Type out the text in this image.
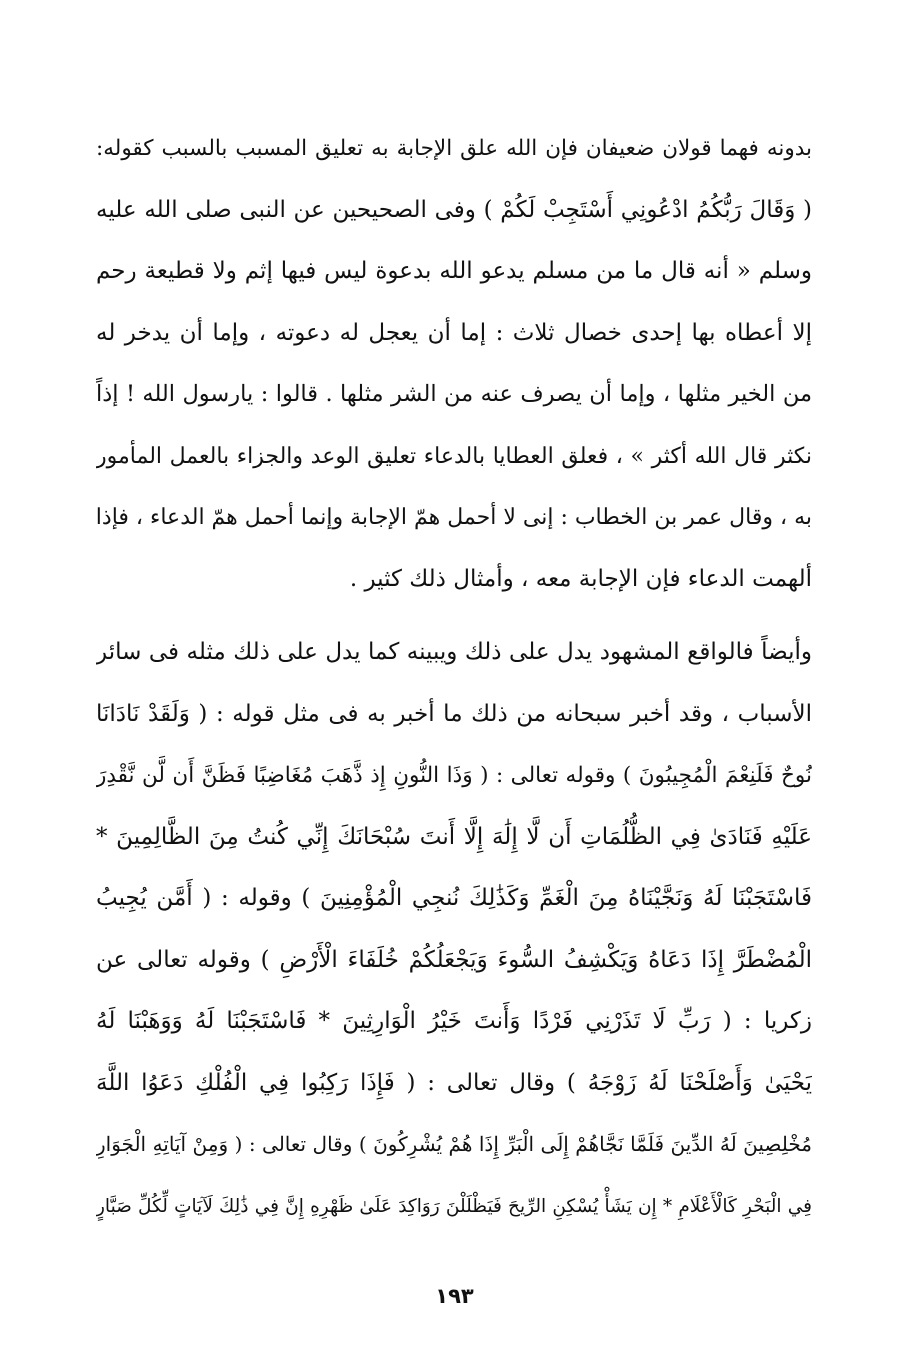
بدونه فهما قولان ضعيفان فإن الله علق الإجابة به تعليق المسبب بالسبب كقوله:
( وَقَالَ رَبُّكُمُ ادْعُونِي أَسْتَجِبْ لَكُمْ ) وفى الصحيحين عن النبى صلى الله عليه
وسلم « أنه قال ما من مسلم يدعو الله بدعوة ليس فيها إثم ولا قطيعة رحم
إلا أعطاه بها إحدى خصال ثلاث : إما أن يعجل له دعوته ، وإما أن يدخر له
من الخير مثلها ، وإما أن يصرف عنه من الشر مثلها . قالوا : يارسول الله ! إذاً
نكثر قال الله أكثر » ، فعلق العطايا بالدعاء تعليق الوعد والجزاء بالعمل المأمور
به ، وقال عمر بن الخطاب : إنى لا أحمل همّ الإجابة وإنما أحمل همّ الدعاء ، فإذا
ألهمت الدعاء فإن الإجابة معه ، وأمثال ذلك كثير .
وأيضاً فالواقع المشهود يدل على ذلك ويبينه كما يدل على ذلك مثله فى سائر
الأسباب ، وقد أخبر سبحانه من ذلك ما أخبر به فى مثل قوله : ( وَلَقَدْ نَادَانَا
نُوحٌ فَلَنِعْمَ الْمُجِيبُونَ ) وقوله تعالى : ( وَذَا النُّونِ إِذ ذَّهَبَ مُغَاضِبًا فَظَنَّ أَن لَّن نَّقْدِرَ
عَلَيْهِ فَنَادَىٰ فِي الظُّلُمَاتِ أَن لَّا إِلَٰهَ إِلَّا أَنتَ سُبْحَانَكَ إِنِّي كُنتُ مِنَ الظَّالِمِينَ *
فَاسْتَجَبْنَا لَهُ وَنَجَّيْنَاهُ مِنَ الْغَمِّ وَكَذَٰلِكَ نُنجِي الْمُؤْمِنِينَ ) وقوله : ( أَمَّن يُجِيبُ
الْمُضْطَرَّ إِذَا دَعَاهُ وَيَكْشِفُ السُّوءَ وَيَجْعَلُكُمْ خُلَفَاءَ الْأَرْضِ ) وقوله تعالى عن
زكريا : ( رَبِّ لَا تَذَرْنِي فَرْدًا وَأَنتَ خَيْرُ الْوَارِثِينَ * فَاسْتَجَبْنَا لَهُ وَوَهَبْنَا لَهُ
يَحْيَىٰ وَأَصْلَحْنَا لَهُ زَوْجَهُ ) وقال تعالى : ( فَإِذَا رَكِبُوا فِي الْفُلْكِ دَعَوُا اللَّهَ
مُخْلِصِينَ لَهُ الدِّينَ فَلَمَّا نَجَّاهُمْ إِلَى الْبَرِّ إِذَا هُمْ يُشْرِكُونَ ) وقال تعالى : ( وَمِنْ آيَاتِهِ الْجَوَارِ
فِي الْبَحْرِ كَالْأَعْلَامِ * إِن يَشَأْ يُسْكِنِ الرِّيحَ فَيَظْلَلْنَ رَوَاكِدَ عَلَىٰ ظَهْرِهِ إِنَّ فِي ذَٰلِكَ لَآيَاتٍ لِّكُلِّ صَبَّارٍ
١٩٣
